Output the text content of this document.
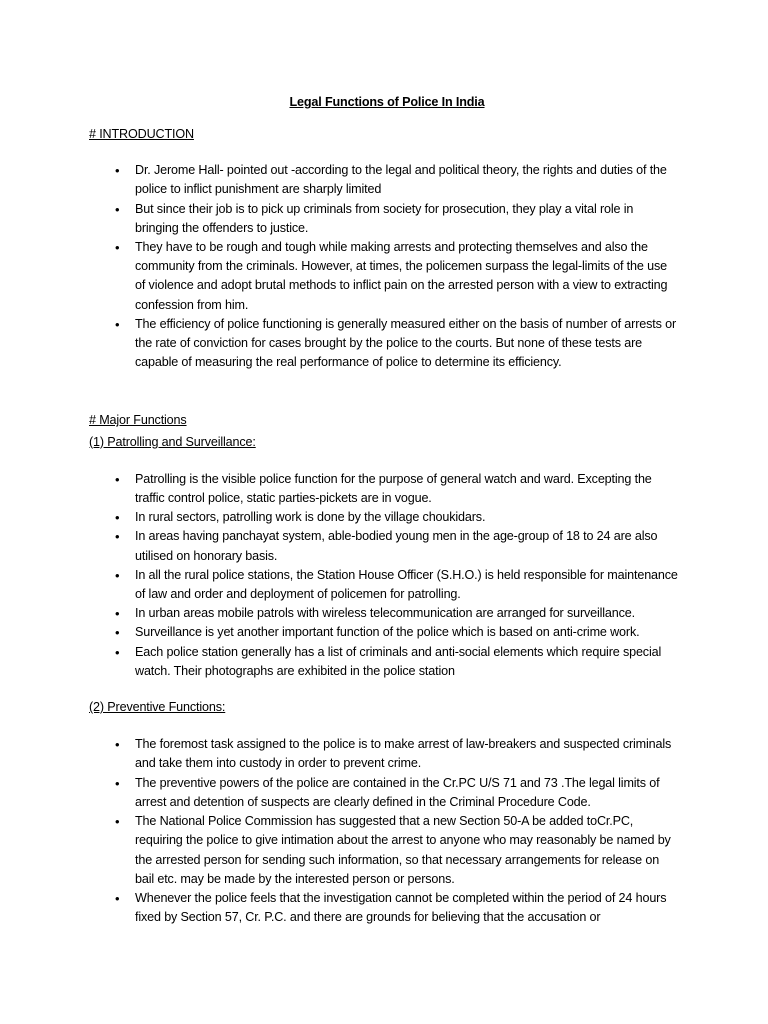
Legal Functions of Police In India

# INTRODUCTION

• Dr. Jerome Hall- pointed out -according to the legal and political theory, the rights and duties of the police to inflict punishment are sharply limited
• But since their job is to pick up criminals from society for prosecution, they play a vital role in bringing the offenders to justice.
• They have to be rough and tough while making arrests and protecting themselves and also the community from the criminals. However, at times, the policemen surpass the legal-limits of the use of violence and adopt brutal methods to inflict pain on the arrested person with a view to extracting confession from him.
• The efficiency of police functioning is generally measured either on the basis of number of arrests or the rate of conviction for cases brought by the police to the courts. But none of these tests are capable of measuring the real performance of police to determine its efficiency.

# Major Functions

(1) Patrolling and Surveillance:

• Patrolling is the visible police function for the purpose of general watch and ward. Excepting the traffic control police, static parties-pickets are in vogue.
• In rural sectors, patrolling work is done by the village choukidars.
• In areas having panchayat system, able-bodied young men in the age-group of 18 to 24 are also utilised on honorary basis.
• In all the rural police stations, the Station House Officer (S.H.O.) is held responsible for maintenance of law and order and deployment of policemen for patrolling.
• In urban areas mobile patrols with wireless telecommunication are arranged for surveillance.
• Surveillance is yet another important function of the police which is based on anti-crime work.
• Each police station generally has a list of criminals and anti-social elements which require special watch. Their photographs are exhibited in the police station

(2) Preventive Functions:

• The foremost task assigned to the police is to make arrest of law-breakers and suspected criminals and take them into custody in order to prevent crime.
• The preventive powers of the police are contained in the Cr.PC U/S 71 and 73 .The legal limits of arrest and detention of suspects are clearly defined in the Criminal Procedure Code.
• The National Police Commission has suggested that a new Section 50-A be added toCr.PC, requiring the police to give intimation about the arrest to anyone who may reasonably be named by the arrested person for sending such information, so that necessary arrangements for release on bail etc. may be made by the interested person or persons.
• Whenever the police feels that the investigation cannot be completed within the period of 24 hours fixed by Section 57, Cr. P.C. and there are grounds for believing that the accusation or
